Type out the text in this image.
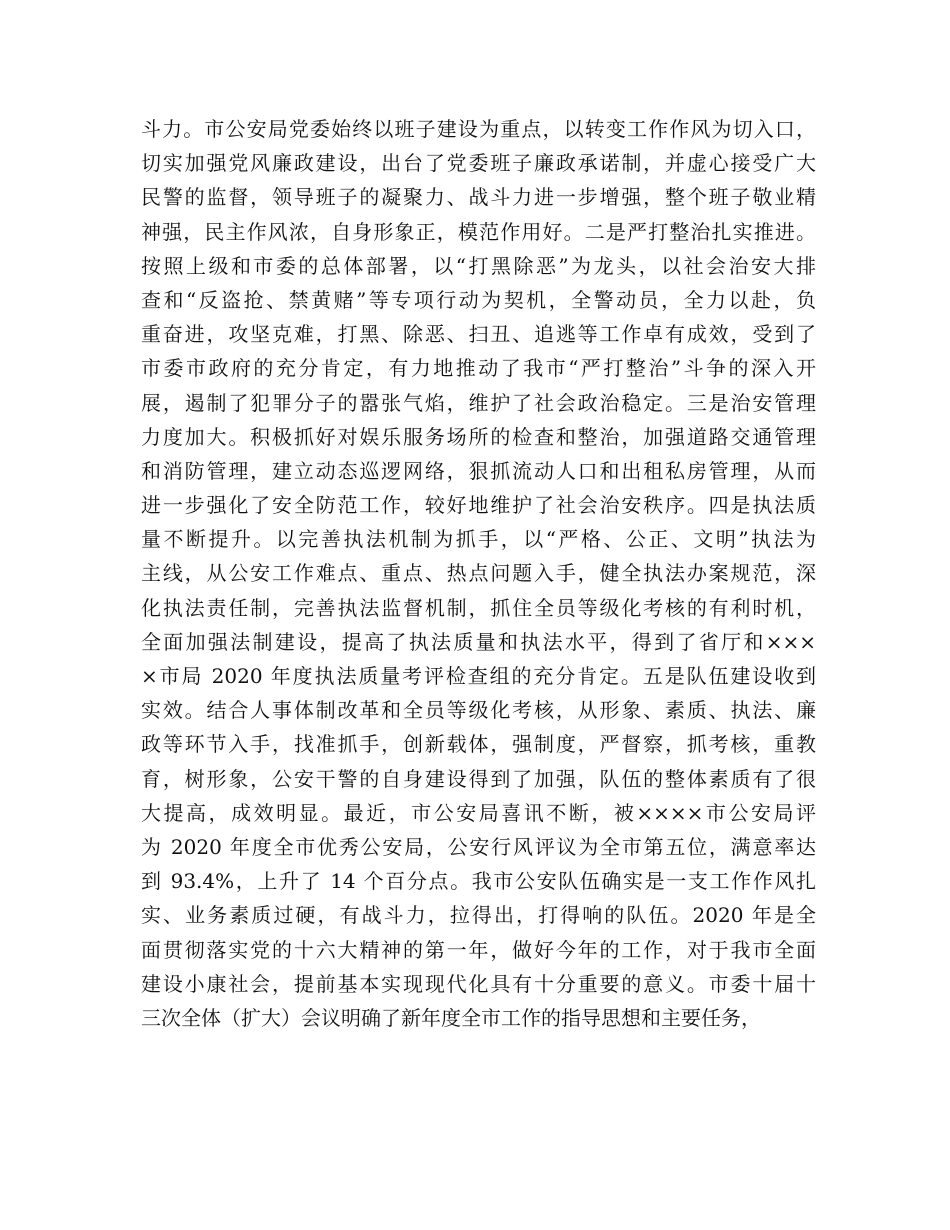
斗力。市公安局党委始终以班子建设为重点，以转变工作作风为切入口，
切实加强党风廉政建设，出台了党委班子廉政承诺制，并虚心接受广大
民警的监督，领导班子的凝聚力、战斗力进一步增强，整个班子敬业精
神强，民主作风浓，自身形象正，模范作用好。二是严打整治扎实推进。
按照上级和市委的总体部署，以“打黑除恶”为龙头，以社会治安大排
查和“反盗抢、禁黄赌”等专项行动为契机，全警动员，全力以赴，负
重奋进，攻坚克难，打黑、除恶、扫丑、追逃等工作卓有成效，受到了
市委市政府的充分肯定，有力地推动了我市“严打整治”斗争的深入开
展，遏制了犯罪分子的嚣张气焰，维护了社会政治稳定。三是治安管理
力度加大。积极抓好对娱乐服务场所的检查和整治，加强道路交通管理
和消防管理，建立动态巡逻网络，狠抓流动人口和出租私房管理，从而
进一步强化了安全防范工作，较好地维护了社会治安秩序。四是执法质
量不断提升。以完善执法机制为抓手，以“严格、公正、文明”执法为
主线，从公安工作难点、重点、热点问题入手，健全执法办案规范，深
化执法责任制，完善执法监督机制，抓住全员等级化考核的有利时机，
全面加强法制建设，提高了执法质量和执法水平，得到了省厅和×××
×市局 2020 年度执法质量考评检查组的充分肯定。五是队伍建设收到
实效。结合人事体制改革和全员等级化考核，从形象、素质、执法、廉
政等环节入手，找准抓手，创新载体，强制度，严督察，抓考核，重教
育，树形象，公安干警的自身建设得到了加强，队伍的整体素质有了很
大提高，成效明显。最近，市公安局喜讯不断，被××××市公安局评
为 2020 年度全市优秀公安局，公安行风评议为全市第五位，满意率达
到 93.4%，上升了 14 个百分点。我市公安队伍确实是一支工作作风扎
实、业务素质过硬，有战斗力，拉得出，打得响的队伍。2020 年是全
面贯彻落实党的十六大精神的第一年，做好今年的工作，对于我市全面
建设小康社会，提前基本实现现代化具有十分重要的意义。市委十届十
三次全体（扩大）会议明确了新年度全市工作的指导思想和主要任务，
